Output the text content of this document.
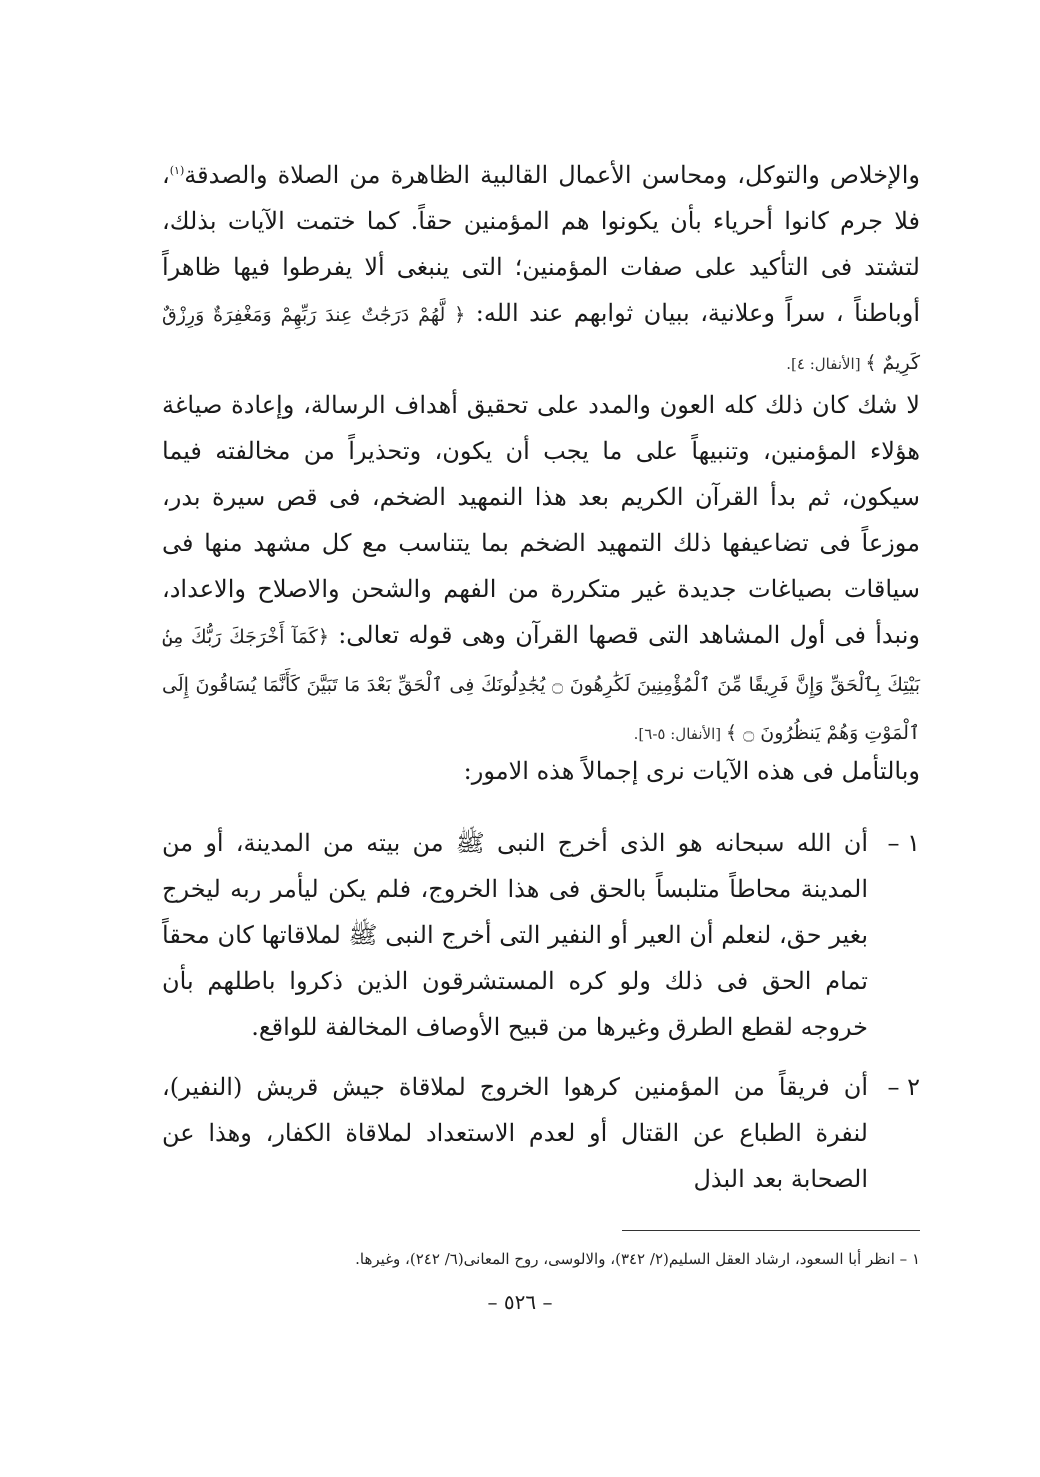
والإخلاص والتوكل، ومحاسن الأعمال القالبية الظاهرة من الصلاة والصدقة$^{(١)}$، فلا جرم كانوا أحرياء بأن يكونوا هم المؤمنين حقاً. كما ختمت الآيات بذلك، لتشتد فى التأكيد على صفات المؤمنين؛ التى ينبغى ألا يفرطوا فيها ظاهراً أوباطناً ، سراً وعلانية، ببيان ثوابهم عند الله: ﴿ لَّهُمْ دَرَجَٰتٌ عِندَ رَبِّهِمْ وَمَغْفِرَةٌ وَرِزْقٌ كَرِيمٌ ﴾ [الأنفال: ٤].
لا شك كان ذلك كله العون والمدد على تحقيق أهداف الرسالة، وإعادة صياغة هؤلاء المؤمنين، وتنبيهاً على ما يجب أن يكون، وتحذيراً من مخالفته فيما سيكون، ثم بدأ القرآن الكريم بعد هذا النمهيد الضخم، فى قص سيرة بدر، موزعاً فى تضاعيفها ذلك التمهيد الضخم بما يتناسب مع كل مشهد منها فى سياقات بصياغات جديدة غير متكررة من الفهم والشحن والاصلاح والاعداد، ونبدأ فى أول المشاهد التى قصها القرآن وهى قوله تعالى: ﴿كَمَآ أَخْرَجَكَ رَبُّكَ مِنۢ بَيْتِكَ بِٱلْحَقِّ وَإِنَّ فَرِيقًا مِّنَ ٱلْمُؤْمِنِينَ لَكَٰرِهُونَ ۝ يُجَٰدِلُونَكَ فِى ٱلْحَقِّ بَعْدَ مَا تَبَيَّنَ كَأَنَّمَا يُسَاقُونَ إِلَى ٱلْمَوْتِ وَهُمْ يَنظُرُونَ ۝ ﴾ [الأنفال: ٥-٦].
وبالتأمل فى هذه الآيات نرى إجمالاً هذه الامور:
١ –
أن الله سبحانه هو الذى أخرج النبى ﷺ من بيته من المدينة، أو من المدينة محاطاً متلبساً بالحق فى هذا الخروج، فلم يكن ليأمر ربه ليخرج بغير حق، لنعلم أن العير أو النفير التى أخرج النبى ﷺ لملاقاتها كان محقاً تمام الحق فى ذلك ولو كره المستشرقون الذين ذكروا باطلهم بأن خروجه لقطع الطرق وغيرها من قبيح الأوصاف المخالفة للواقع.
٢ –
أن فريقاً من المؤمنين كرهوا الخروج لملاقاة جيش قريش (النفير)، لنفرة الطباع عن القتال أو لعدم الاستعداد لملاقاة الكفار، وهذا عن الصحابة بعد البذل
١ – انظر أبا السعود، ارشاد العقل السليم(٢/ ٣٤٢)، والالوسى، روح المعانى(٦/ ٢٤٢)، وغيرها.
– ٥٢٦ –
